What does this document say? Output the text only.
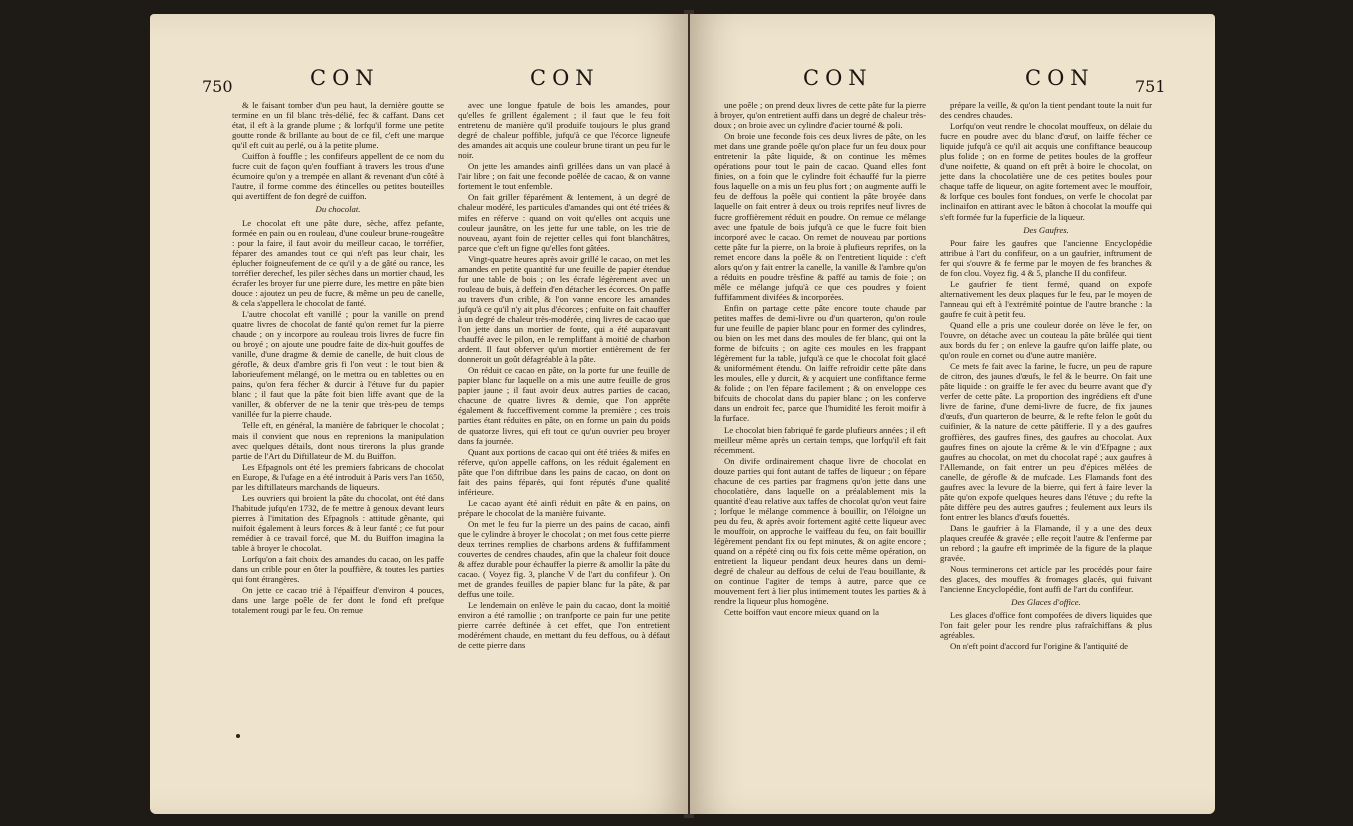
750	CON	CON

& le faisant tomber d'un peu haut, la dernière goutte se termine en un fil blanc très-délié, fec & caffant. Dans cet état, il eft à la grande plume ; & lorfqu'il forme une petite goutte ronde & brillante au bout de ce fil, c'eft une marque qu'il eft cuit au perlé, ou à la petite plume.

Cuiffon à fouffle ; les confifeurs appellent de ce nom du fucre cuit de façon qu'en fouffiant à travers les trous d'une écumoire qu'on y a trempée en allant & revenant d'un côté à l'autre, il forme comme des étincelles ou petites bouteilles qui avertiffent de fon degré de cuiffon.

Du chocolat.

Le chocolat eft une pâte dure, sèche, affez pefante, formée en pain ou en rouleau, d'une couleur brune-rougeâtre : pour la faire, il faut avoir du meilleur cacao, le torréfier, féparer des amandes tout ce qui n'eft pas leur chair, les éplucher foigneufement de ce qu'il y a de gâté ou rance, les torréfier derechef, les piler sèches dans un mortier chaud, les écrafer les broyer fur une pierre dure, les mettre en pâte bien douce : ajoutez un peu de fucre, & même un peu de canelle, & cela s'appellera le chocolat de fanté.

L'autre chocolat eft vanillé ; pour la vanille on prend quatre livres de chocolat de fanté qu'on remet fur la pierre chaude ; on y incorpore au rouleau trois livres de fucre fin ou broyé ; on ajoute une poudre faite de dix-huit gouffes de vanille, d'une dragme & demie de canelle, de huit clous de gérofle, & deux d'ambre gris fi l'on veut : le tout bien & laborieufement mélangé, on le mettra ou en tablettes ou en pains, qu'on fera fécher & durcir à l'étuve fur du papier blanc ; il faut que la pâte foit bien liffe avant que de la vaniller, & obferver de ne la tenir que très-peu de temps vanillée fur la pierre chaude.

Telle eft, en général, la manière de fabriquer le chocolat ; mais il convient que nous en reprenions la manipulation avec quelques détails, dont nous tirerons la plus grande partie de l'Art du Diftillateur de M. du Buiffon.

Les Efpagnols ont été les premiers fabricans de chocolat en Europe, & l'ufage en a été introduit à Paris vers l'an 1650, par les diftillateurs marchands de liqueurs.

Les ouvriers qui broient la pâte du chocolat, ont été dans l'habitude jufqu'en 1732, de fe mettre à genoux devant leurs pierres à l'imitation des Efpagnols : attitude gênante, qui nuifoit également à leurs forces & à leur fanté ; ce fut pour remédier à ce travail forcé, que M. du Buiffon imagina la table à broyer le chocolat.

Lorfqu'on a fait choix des amandes du cacao, on les paffe dans un crible pour en ôter la pouffière, & toutes les parties qui font étrangères.

On jette ce cacao trié à l'épaiffeur d'environ 4 pouces, dans une large poêle de fer dont le fond eft prefque totalement rougi par le feu. On remue

avec une longue fpatule de bois les amandes, pour qu'elles fe grillent également ; il faut que le feu foit entretenu de manière qu'il produife toujours le plus grand degré de chaleur poffible, jufqu'à ce que l'écorce ligneufe des amandes ait acquis une couleur brune tirant un peu fur le noir.

On jette les amandes ainfi grillées dans un van placé à l'air libre ; on fait une feconde poêlée de cacao, & on vanne fortement le tout enfemble.

On fait griller féparément & lentement, à un degré de chaleur modéré, les particules d'amandes qui ont été triées & mifes en réferve : quand on voit qu'elles ont acquis une couleur jaunâtre, on les jette fur une table, on les trie de nouveau, ayant foin de rejetter celles qui font blanchâtres, parce que c'eft un figne qu'elles font gâtées.

Vingt-quatre heures après avoir grillé le cacao, on met les amandes en petite quantité fur une feuille de papier étendue fur une table de bois ; on les écrafe légèrement avec un rouleau de buis, à deffein d'en détacher les écorces. On paffe au travers d'un crible, & l'on vanne encore les amandes jufqu'à ce qu'il n'y ait plus d'écorces ; enfuite on fait chauffer à un degré de chaleur très-modérée, cinq livres de cacao que l'on jette dans un mortier de fonte, qui a été auparavant chauffé avec le pilon, en le rempliffant à moitié de charbon ardent. Il faut obferver qu'un mortier entièrement de fer donneroit un goût défagréable à la pâte.

On réduit ce cacao en pâte, on la porte fur une feuille de papier blanc fur laquelle on a mis une autre feuille de gros papier jaune ; il faut avoir deux autres parties de cacao, chacune de quatre livres & demie, que l'on apprête également & fucceffivement comme la première ; ces trois parties étant réduites en pâte, on en forme un pain du poids de quatorze livres, qui eft tout ce qu'un ouvrier peu broyer dans fa journée.

Quant aux portions de cacao qui ont été triées & mifes en réferve, qu'on appelle caffons, on les réduit également en pâte que l'on diftribue dans les pains de cacao, on dont on fait des pains féparés, qui font réputés d'une qualité inférieure.

Le cacao ayant été ainfi réduit en pâte & en pains, on prépare le chocolat de la manière fuivante.

On met le feu fur la pierre un des pains de cacao, ainfi que le cylindre à broyer le chocolat ; on met fous cette pierre deux terrines remplies de charbons ardens & fuffifamment couvertes de cendres chaudes, afin que la chaleur foit douce & affez durable pour échauffer la pierre & amollir la pâte du cacao. ( Voyez fig. 3, planche V de l'art du confifeur ). On met de grandes feuilles de papier blanc fur la pâte, & par deffus une toile.

Le lendemain on enlève le pain du cacao, dont la moitié environ a été ramollie ; on tranfporte ce pain fur une petite pierre carrée deftinée à cet effet, que l'on entretient modérément chaude, en mettant du feu deffous, ou à défaut de cette pierre dans

CON	CON	751

une poêle ; on prend deux livres de cette pâte fur la pierre à broyer, qu'on entretient auffi dans un degré de chaleur très-doux ; on broie avec un cylindre d'acier tourné & poli.

On broie une feconde fois ces deux livres de pâte, on les met dans une grande poêle qu'on place fur un feu doux pour entretenir la pâte liquide, & on continue les mêmes opérations pour tout le pain de cacao. Quand elles font finies, on a foin que le cylindre foit échauffé fur la pierre fous laquelle on a mis un feu plus fort ; on augmente auffi le feu de deffous la poêle qui contient la pâte broyée dans laquelle on fait entrer à deux ou trois reprifes neuf livres de fucre groffièrement réduit en poudre. On remue ce mélange avec une fpatule de bois jufqu'à ce que le fucre foit bien incorporé avec le cacao. On remet de nouveau par portions cette pâte fur la pierre, on la broie à plufieurs reprifes, on la remet encore dans la poêle & on l'entretient liquide : c'eft alors qu'on y fait entrer la canelle, la vanille & l'ambre qu'on a réduits en poudre trèsfine & paffé au tamis de foie ; on mêle ce mélange jufqu'à ce que ces poudres y foient fuffifamment divifées & incorporées.

Enfin on partage cette pâte encore toute chaude par petites maffes de demi-livre ou d'un quarteron, qu'on roule fur une feuille de papier blanc pour en former des cylindres, ou bien on les met dans des moules de fer blanc, qui ont la forme de bifcuits ; on agite ces moules en les frappant légèrement fur la table, jufqu'à ce que le chocolat foit glacé & uniformément étendu. On laiffe refroidir cette pâte dans les moules, elle y durcit, & y acquiert une confiftance ferme & folide ; on l'en fépare facilement ; & on enveloppe ces bifcuits de chocolat dans du papier blanc ; on les conferve dans un endroit fec, parce que l'humidité les feroit moifir à la furface.

Le chocolat bien fabriqué fe garde plufieurs années ; il eft meilleur même après un certain temps, que lorfqu'il eft fait récemment.

On divife ordinairement chaque livre de chocolat en douze parties qui font autant de taffes de liqueur ; on fépare chacune de ces parties par fragmens qu'on jette dans une chocolatière, dans laquelle on a préalablement mis la quantité d'eau relative aux taffes de chocolat qu'on veut faire ; lorfque le mélange commence à bouillir, on l'éloigne un peu du feu, & après avoir fortement agité cette liqueur avec le mouffoir, on approche le vaiffeau du feu, on fait bouillir légèrement pendant fix ou fept minutes, & on agite encore ; quand on a répété cinq ou fix fois cette même opération, on entretient la liqueur pendant deux heures dans un demi-degré de chaleur au deffous de celui de l'eau bouillante, & on continue l'agiter de temps à autre, parce que ce mouvement fert à lier plus intimement toutes les parties & à rendre la liqueur plus homogène.

Cette boiffon vaut encore mieux quand on la

prépare la veille, & qu'on la tient pendant toute la nuit fur des cendres chaudes.

Lorfqu'on veut rendre le chocolat mouffeux, on délaie du fucre en poudre avec du blanc d'œuf, on laiffe fécher ce liquide jufqu'à ce qu'il ait acquis une confiftance beaucoup plus folide ; on en forme de petites boules de la groffeur d'une noifette, & quand on eft prêt à boire le chocolat, on jette dans la chocolatière une de ces petites boules pour chaque taffe de liqueur, on agite fortement avec le mouffoir, & lorfque ces boules font fondues, on verfe le chocolat par inclinaifon en attirant avec le bâton à chocolat la mouffe qui s'eft formée fur la fuperficie de la liqueur.

Des Gaufres.

Pour faire les gaufres que l'ancienne Encyclopédie attribue à l'art du confifeur, on a un gaufrier, inftrument de fer qui s'ouvre & fe ferme par le moyen de fes branches & de fon clou. Voyez fig. 4 & 5, planche II du confifeur.

Le gaufrier fe tient fermé, quand on expofe alternativement les deux plaques fur le feu, par le moyen de l'anneau qui eft à l'extrémité pointue de l'autre branche : la gaufre fe cuit à petit feu.

Quand elle a pris une couleur dorée on lève le fer, on l'ouvre, on détache avec un couteau la pâte brûlée qui tient aux bords du fer ; on enleve la gaufre qu'on laiffe plate, ou qu'on roule en cornet ou d'une autre manière.

Ce mets fe fait avec la farine, le fucre, un peu de rapure de citron, des jaunes d'œufs, le fel & le beurre. On fait une pâte liquide : on graiffe le fer avec du beurre avant que d'y verfer de cette pâte. La proportion des ingrédiens eft d'une livre de farine, d'une demi-livre de fucre, de fix jaunes d'œufs, d'un quarteron de beurre, & le refte felon le goût du cuifinier, & la nature de cette pâtifferie. Il y a des gaufres groffières, des gaufres fines, des gaufres au chocolat. Aux gaufres fines on ajoute la crême & le vin d'Efpagne ; aux gaufres au chocolat, on met du chocolat rapé ; aux gaufres à l'Allemande, on fait entrer un peu d'épices mêlées de canelle, de gérofle & de mufcade. Les Flamands font des gaufres avec la levure de la bierre, qui fert à faire lever la pâte qu'on expofe quelques heures dans l'étuve ; du refte la pâte diffère peu des autres gaufres ; feulement aux leurs ils font entrer les blancs d'œufs fouettés.

Dans le gaufrier à la Flamande, il y a une des deux plaques creufée & gravée ; elle reçoit l'autre & l'enferme par un rebord ; la gaufre eft imprimée de la figure de la plaque gravée.

Nous terminerons cet article par les procédés pour faire des glaces, des mouffes & fromages glacés, qui fuivant l'ancienne Encyclopédie, font auffi de l'art du confifeur.

Des Glaces d'office.

Les glaces d'office font compofées de divers liquides que l'on fait geler pour les rendre plus rafraîchiffans & plus agréables.

On n'eft point d'accord fur l'origine & l'antiquité de
